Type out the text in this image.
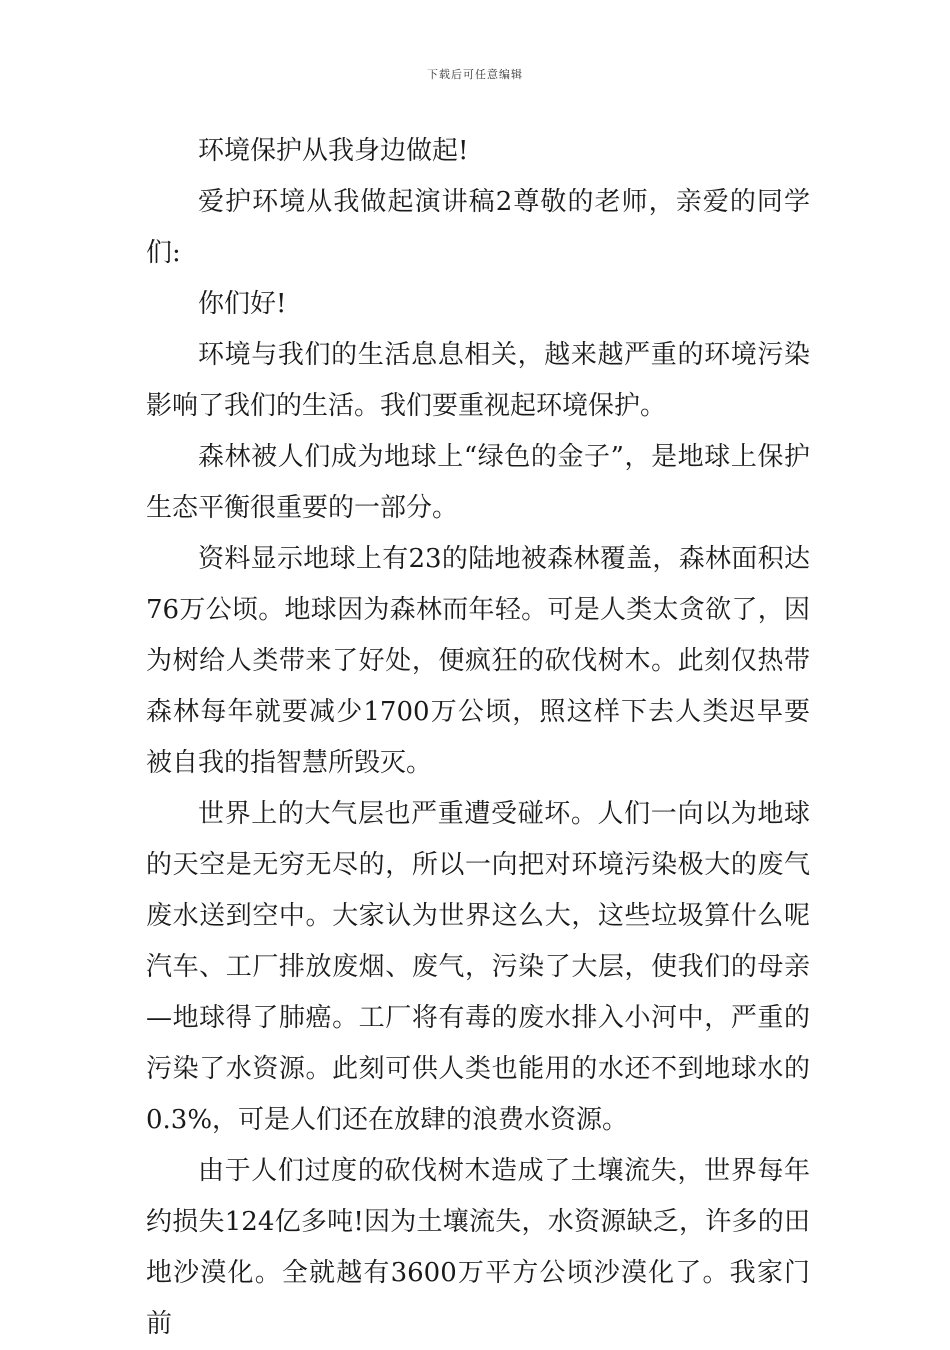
下载后可任意编辑

环境保护从我身边做起!

爱护环境从我做起演讲稿2尊敬的老师，亲爱的同学们:

你们好!

环境与我们的生活息息相关，越来越严重的环境污染影响了我们的生活。我们要重视起环境保护。

森林被人们成为地球上“绿色的金子”，是地球上保护生态平衡很重要的一部分。

资料显示地球上有23的陆地被森林覆盖，森林面积达76万公顷。地球因为森林而年轻。可是人类太贪欲了，因为树给人类带来了好处，便疯狂的砍伐树木。此刻仅热带森林每年就要减少1700万公顷，照这样下去人类迟早要被自我的指智慧所毁灭。

世界上的大气层也严重遭受碰坏。人们一向以为地球的天空是无穷无尽的，所以一向把对环境污染极大的废气废水送到空中。大家认为世界这么大，这些垃圾算什么呢汽车、工厂排放废烟、废气，污染了大层，使我们的母亲—地球得了肺癌。工厂将有毒的废水排入小河中，严重的污染了水资源。此刻可供人类也能用的水还不到地球水的0.3%，可是人们还在放肆的浪费水资源。

由于人们过度的砍伐树木造成了土壤流失，世界每年约损失124亿多吨!因为土壤流失，水资源缺乏，许多的田地沙漠化。全就越有3600万平方公顷沙漠化了。我家门前
